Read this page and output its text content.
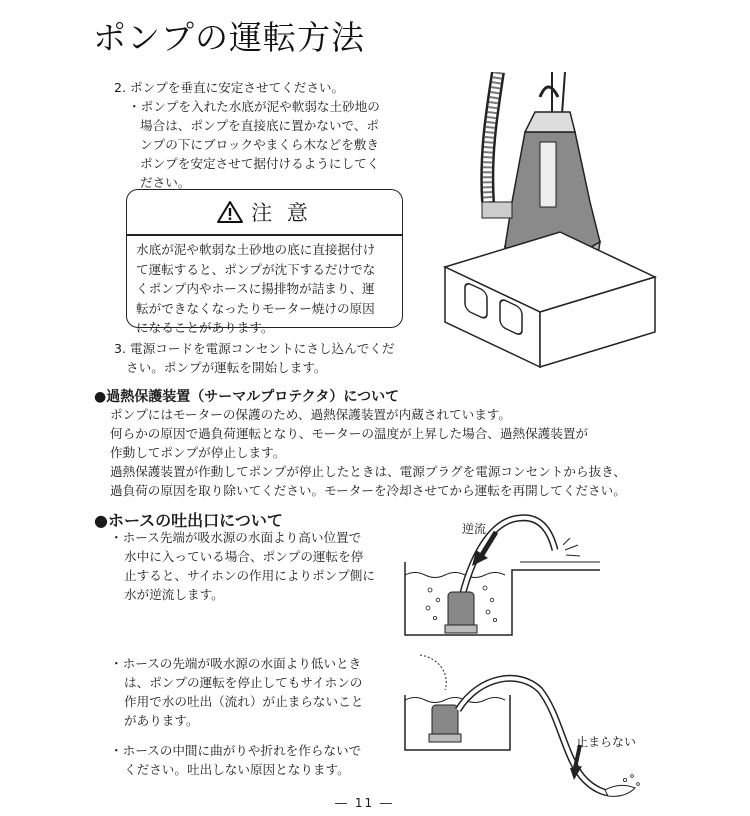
ポンプの運転方法
2. ポンプを垂直に安定させてください。
・ポンプを入れた水底が泥や軟弱な土砂地の
場合は、ポンプを直接底に置かないで、ポ
ンプの下にブロックやまくら木などを敷き
ポンプを安定させて据付けるようにしてく
ださい。
注 意
水底が泥や軟弱な土砂地の底に直接据付け
て運転すると、ポンプが沈下するだけでな
くポンプ内やホースに揚排物が詰まり、運
転ができなくなったりモーター焼けの原因
になることがあります。
3. 電源コードを電源コンセントにさし込んでくだ
さい。ポンプが運転を開始します。
●過熱保護装置（サーマルプロテクタ）について
ポンプにはモーターの保護のため、過熱保護装置が内蔵されています。
何らかの原因で過負荷運転となり、モーターの温度が上昇した場合、過熱保護装置が
作動してポンプが停止します。
過熱保護装置が作動してポンプが停止したときは、電源プラグを電源コンセントから抜き、
過負荷の原因を取り除いてください。モーターを冷却させてから運転を再開してください。
●ホースの吐出口について
・ホース先端が吸水源の水面より高い位置で
水中に入っている場合、ポンプの運転を停
止すると、サイホンの作用によりポンプ側に
水が逆流します。
・ホースの先端が吸水源の水面より低いとき
は、ポンプの運転を停止してもサイホンの
作用で水の吐出（流れ）が止まらないこと
があります。
・ホースの中間に曲がりや折れを作らないで
ください。吐出しない原因となります。
逆流
止まらない
― 11 ―
